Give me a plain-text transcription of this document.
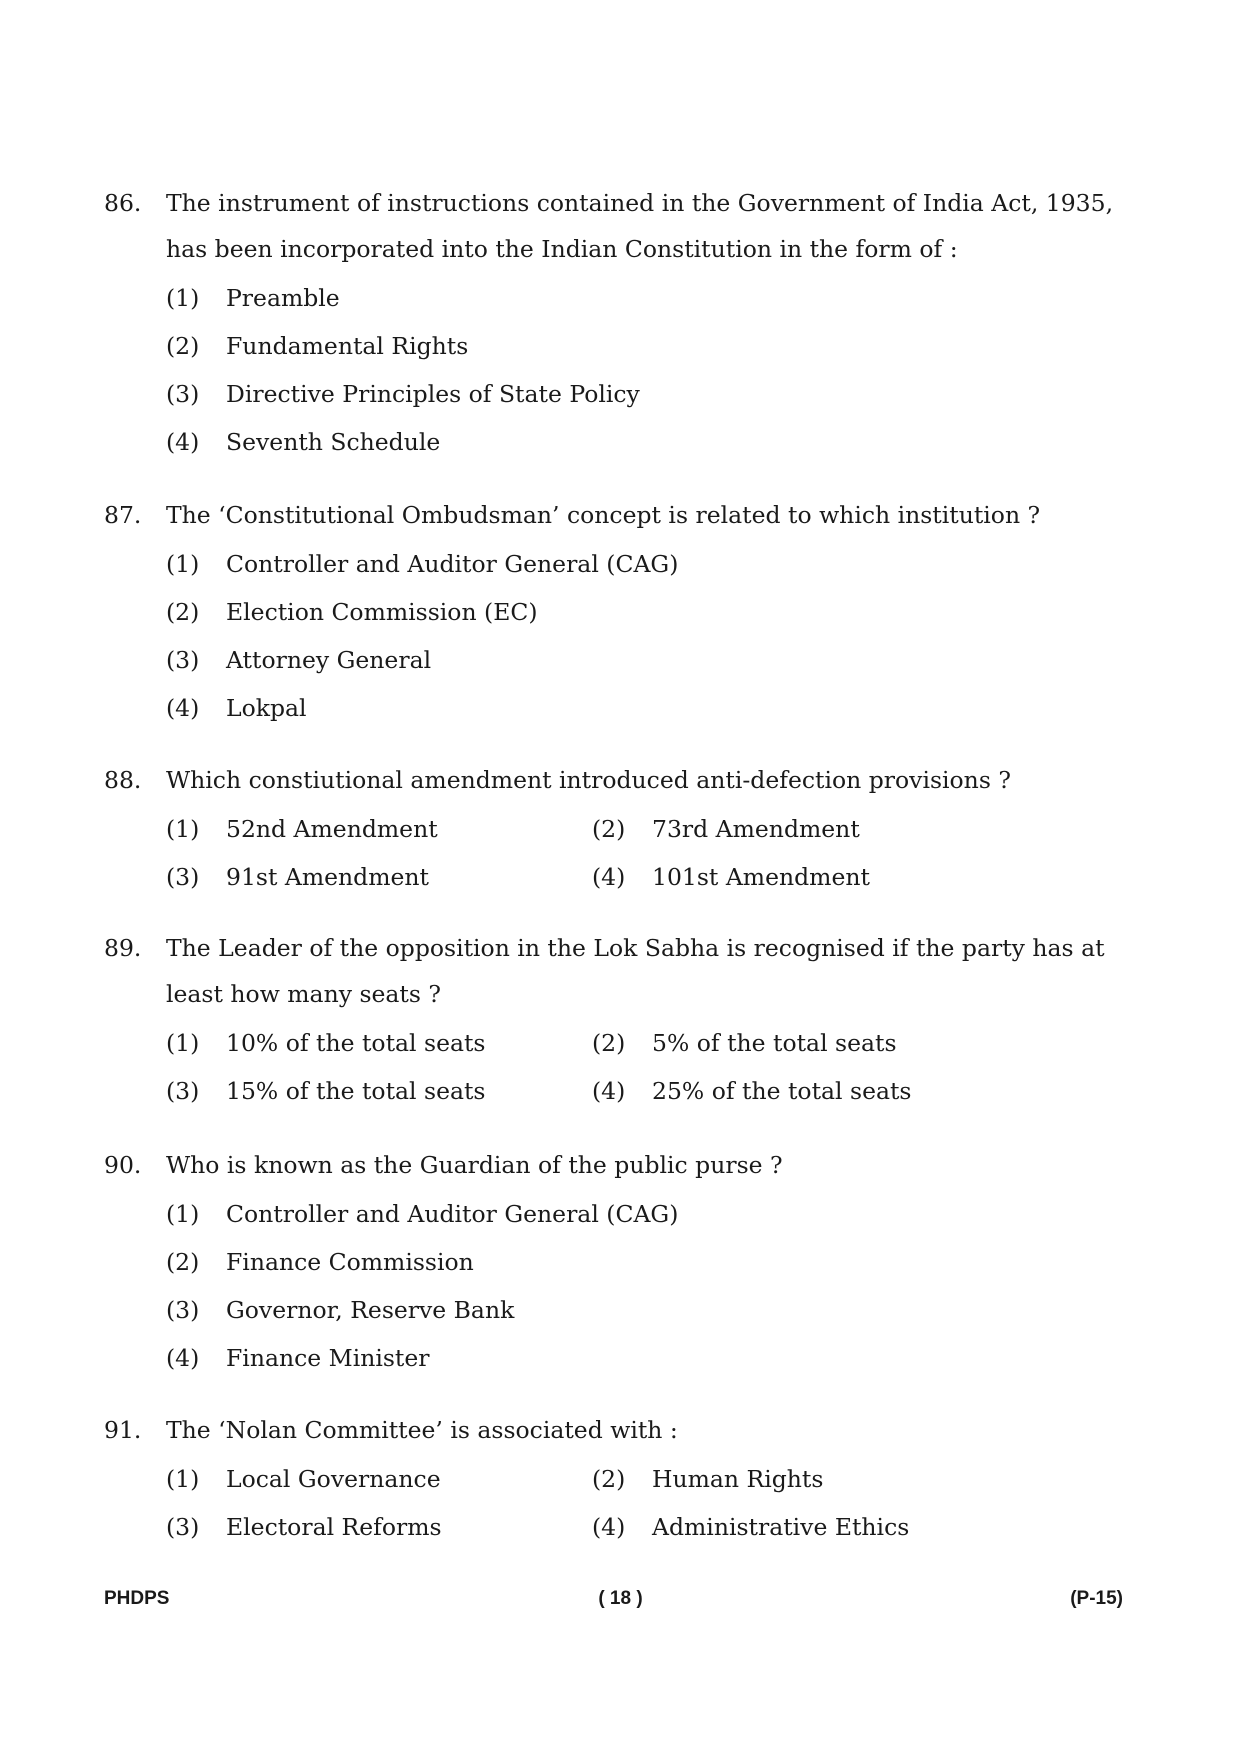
86. The instrument of instructions contained in the Government of India Act, 1935, has been incorporated into the Indian Constitution in the form of :
(1) Preamble
(2) Fundamental Rights
(3) Directive Principles of State Policy
(4) Seventh Schedule
87. The ‘Constitutional Ombudsman’ concept is related to which institution ?
(1) Controller and Auditor General (CAG)
(2) Election Commission (EC)
(3) Attorney General
(4) Lokpal
88. Which constiutional amendment introduced anti-defection provisions ?
(1) 52nd Amendment	(2) 73rd Amendment
(3) 91st Amendment	(4) 101st Amendment
89. The Leader of the opposition in the Lok Sabha is recognised if the party has at least how many seats ?
(1) 10% of the total seats	(2) 5% of the total seats
(3) 15% of the total seats	(4) 25% of the total seats
90. Who is known as the Guardian of the public purse ?
(1) Controller and Auditor General (CAG)
(2) Finance Commission
(3) Governor, Reserve Bank
(4) Finance Minister
91. The ‘Nolan Committee’ is associated with :
(1) Local Governance	(2) Human Rights
(3) Electoral Reforms	(4) Administrative Ethics
PHDPS	( 18 )	(P-15)
